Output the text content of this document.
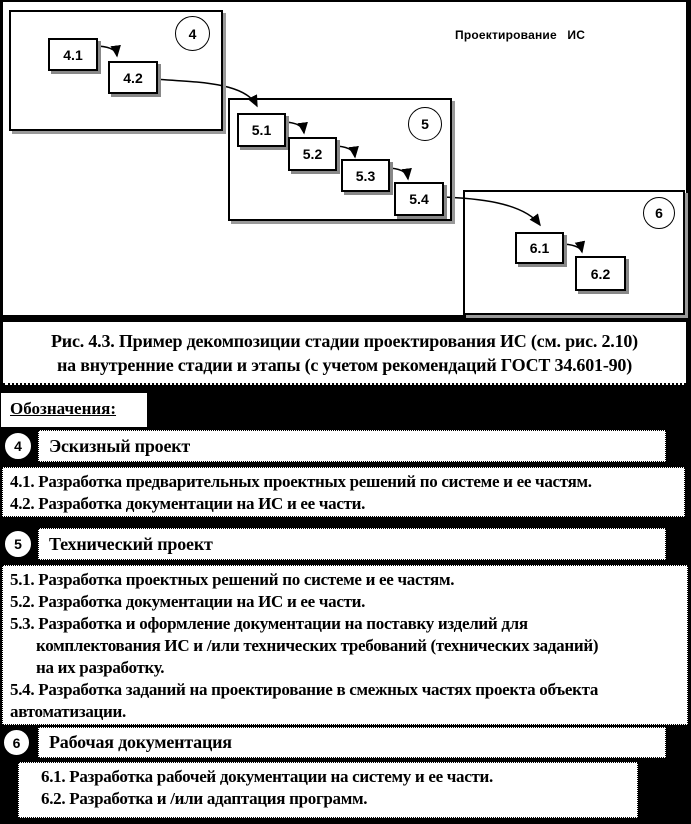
Проектирование ИС
4
4.1
4.2
5
5.1
5.2
5.3
5.4
6
6.1
6.2
Рис. 4.3. Пример декомпозиции стадии проектирования ИС (см. рис. 2.10)
на внутренние стадии и этапы (с учетом рекомендаций ГОСТ 34.601-90)
Обозначения:
4 Эскизный проект
4.1. Разработка предварительных проектных решений по системе и ее частям.
4.2. Разработка документации на ИС и ее части.
5 Технический проект
5.1. Разработка проектных решений по системе и ее частям.
5.2. Разработка документации на ИС и ее части.
5.3. Разработка и оформление документации на поставку изделий для
комплектования ИС и /или технических требований (технических заданий)
на их разработку.
5.4. Разработка заданий на проектирование в смежных частях проекта объекта
автоматизации.
6 Рабочая документация
6.1. Разработка рабочей документации на систему и ее части.
6.2. Разработка и /или адаптация программ.
